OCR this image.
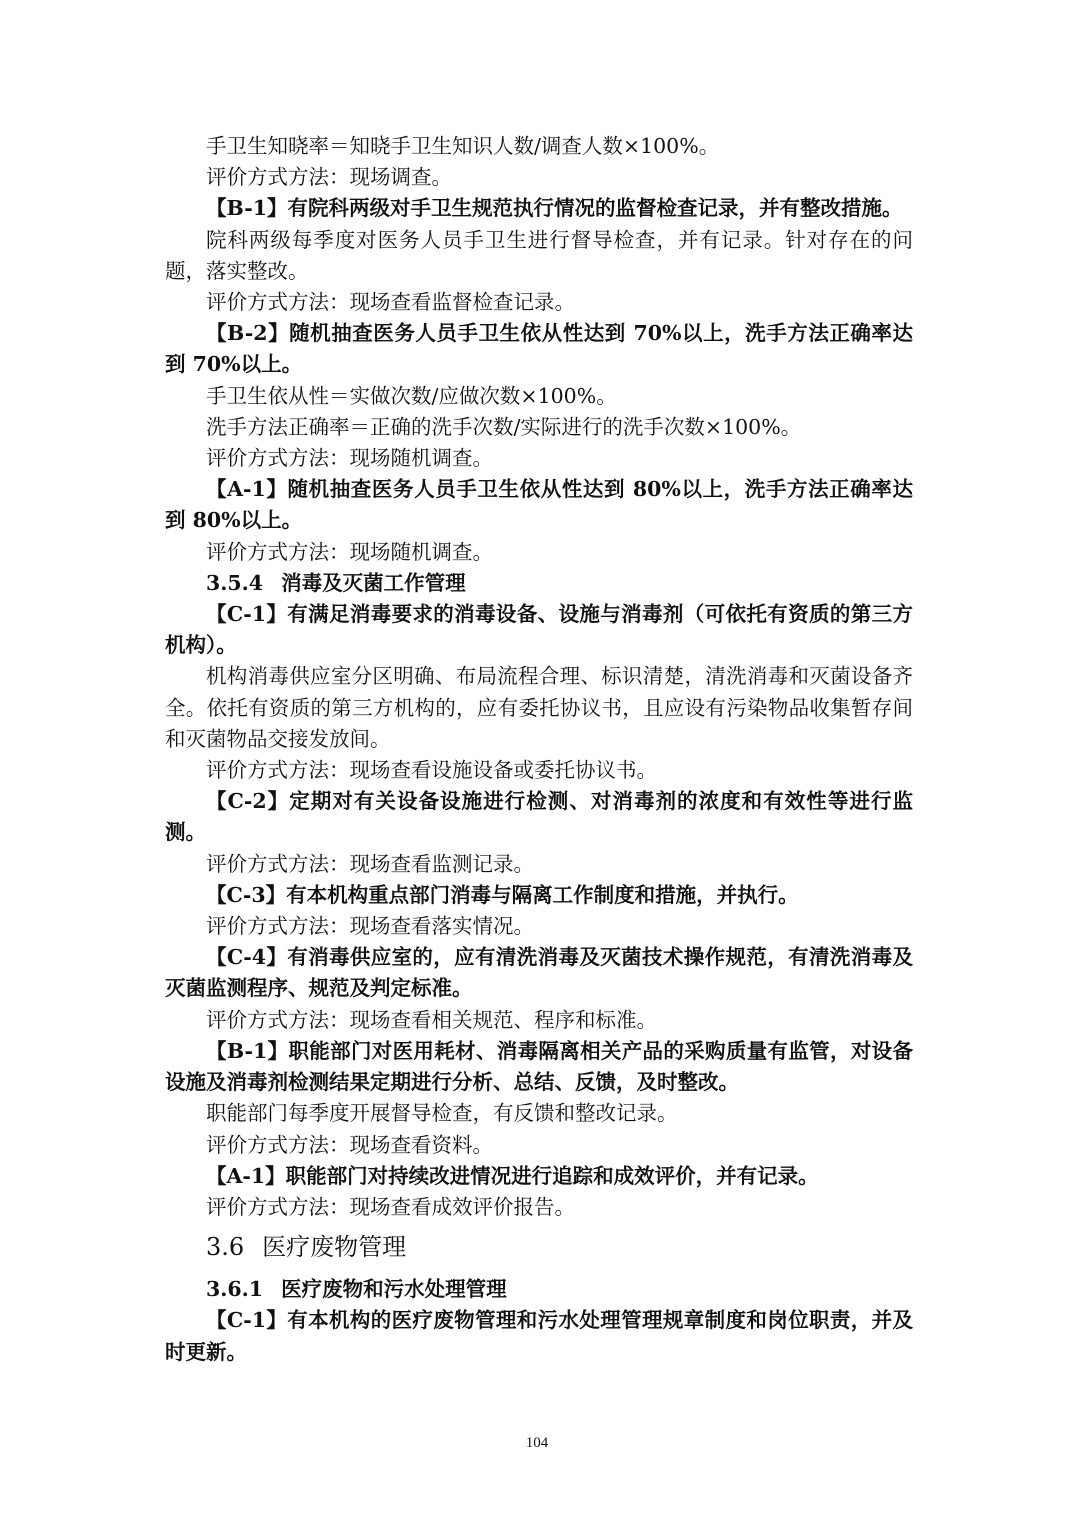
手卫生知晓率＝知晓手卫生知识人数/调查人数×100%。

评价方式方法：现场调查。

【B-1】有院科两级对手卫生规范执行情况的监督检查记录，并有整改措施。

院科两级每季度对医务人员手卫生进行督导检查，并有记录。针对存在的问题，落实整改。

评价方式方法：现场查看监督检查记录。

【B-2】随机抽查医务人员手卫生依从性达到 70%以上，洗手方法正确率达到 70%以上。

手卫生依从性＝实做次数/应做次数×100%。

洗手方法正确率＝正确的洗手次数/实际进行的洗手次数×100%。

评价方式方法：现场随机调查。

【A-1】随机抽查医务人员手卫生依从性达到 80%以上，洗手方法正确率达到 80%以上。

评价方式方法：现场随机调查。

3.5.4 消毒及灭菌工作管理

【C-1】有满足消毒要求的消毒设备、设施与消毒剂（可依托有资质的第三方机构）。

机构消毒供应室分区明确、布局流程合理、标识清楚，清洗消毒和灭菌设备齐全。依托有资质的第三方机构的，应有委托协议书，且应设有污染物品收集暂存间和灭菌物品交接发放间。

评价方式方法：现场查看设施设备或委托协议书。

【C-2】定期对有关设备设施进行检测、对消毒剂的浓度和有效性等进行监测。

评价方式方法：现场查看监测记录。

【C-3】有本机构重点部门消毒与隔离工作制度和措施，并执行。

评价方式方法：现场查看落实情况。

【C-4】有消毒供应室的，应有清洗消毒及灭菌技术操作规范，有清洗消毒及灭菌监测程序、规范及判定标准。

评价方式方法：现场查看相关规范、程序和标准。

【B-1】职能部门对医用耗材、消毒隔离相关产品的采购质量有监管，对设备设施及消毒剂检测结果定期进行分析、总结、反馈，及时整改。

职能部门每季度开展督导检查，有反馈和整改记录。

评价方式方法：现场查看资料。

【A-1】职能部门对持续改进情况进行追踪和成效评价，并有记录。

评价方式方法：现场查看成效评价报告。

3.6 医疗废物管理

3.6.1 医疗废物和污水处理管理

【C-1】有本机构的医疗废物管理和污水处理管理规章制度和岗位职责，并及时更新。

104
